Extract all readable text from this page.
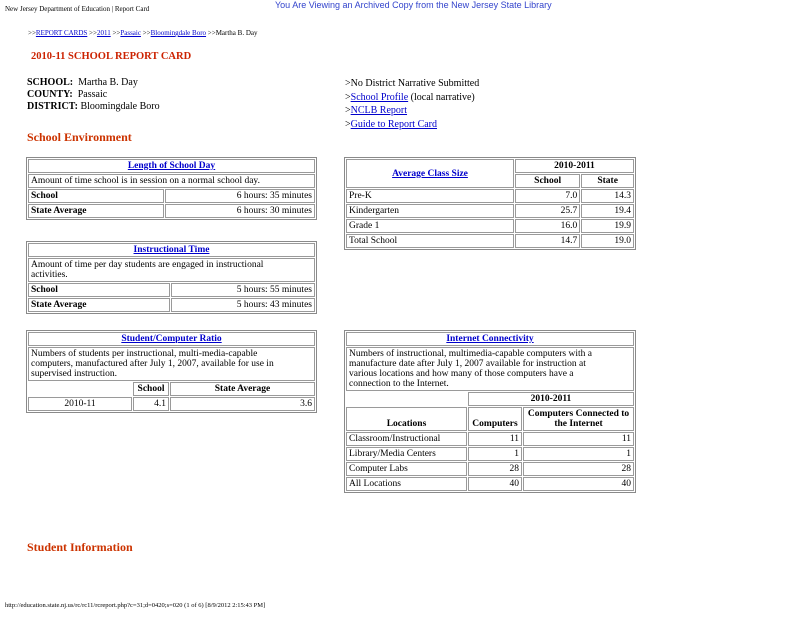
New Jersey Department of Education | Report Card	You Are Viewing an Archived Copy from the New Jersey State Library
>>REPORT CARDS >>2011 >>Passaic >>Bloomingdale Boro >>Martha B. Day
2010-11 SCHOOL REPORT CARD
SCHOOL: Martha B. Day
COUNTY: Passaic
DISTRICT: Bloomingdale Boro
>No District Narrative Submitted
>School Profile (local narrative)
>NCLB Report
>Guide to Report Card
School Environment
Length of School Day	
Amount of time school is in session on a normal school day.	
School	6 hours: 35 minutes
State Average	6 hours: 30 minutes
Instructional Time	
Amount of time per day students are engaged in instructional activities.	
School	5 hours: 55 minutes
State Average	5 hours: 43 minutes
Student/Computer Ratio		
Numbers of students per instructional, multi-media-capable computers, manufactured after July 1, 2007, available for use in supervised instruction.		
	School	State Average
2010-11	4.1	3.6
Average Class Size	2010-2011	
	School	State
Pre-K	7.0	14.3
Kindergarten	25.7	19.4
Grade 1	16.0	19.9
Total School	14.7	19.0
Internet Connectivity		
Numbers of instructional, multimedia-capable computers with a manufacture date after July 1, 2007 available for instruction at various locations and how many of those computers have a connection to the Internet.		
	2010-2011	
Locations	Computers	Computers Connected to the Internet
Classroom/Instructional	11	11
Library/Media Centers	1	1
Computer Labs	28	28
All Locations	40	40
Student Information
http://education.state.nj.us/rc/rc11/rcreport.php?c=31;d=0420;s=020 (1 of 6) [8/9/2012 2:15:43 PM]
